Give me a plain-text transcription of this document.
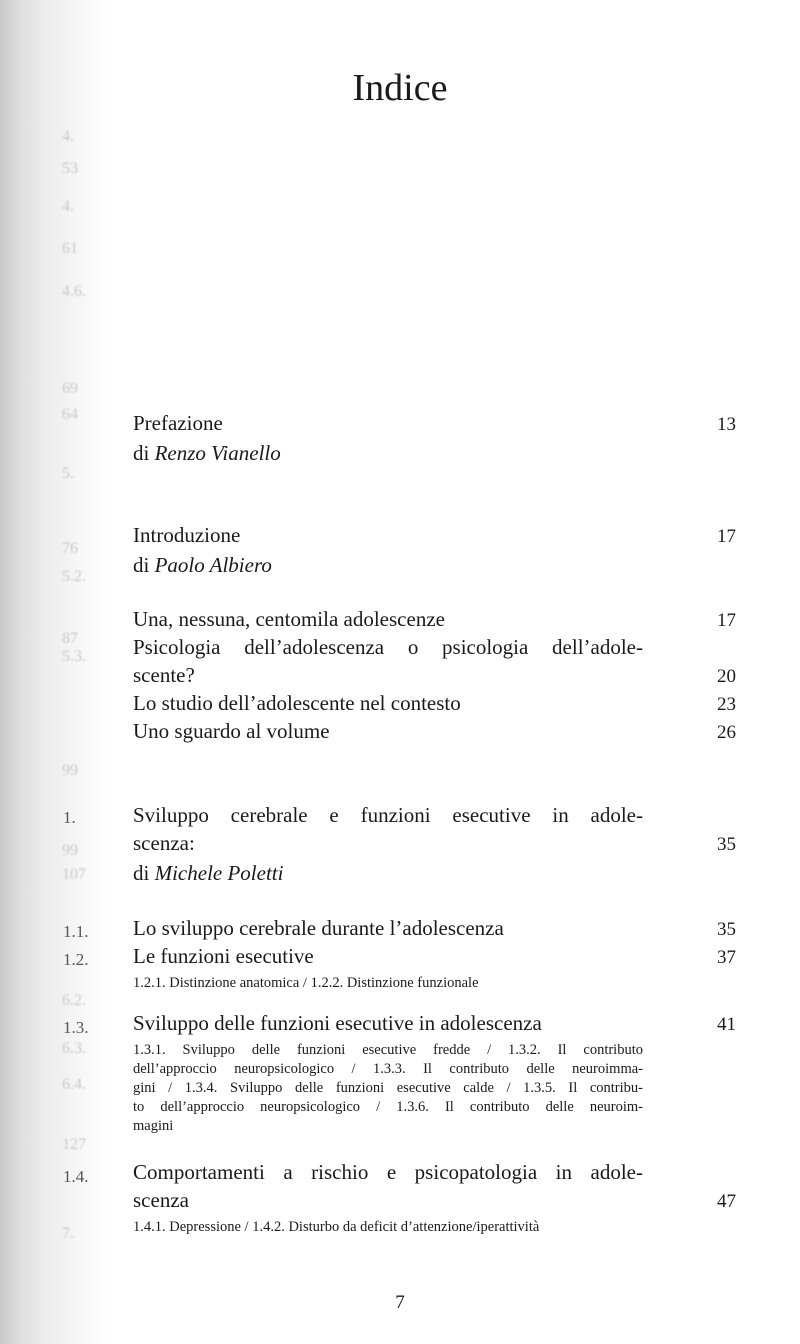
4.
53
4.
61
4.6.
69
64
5.
76
5.2.
87
5.3.
99
99
107
6.2.
6.3.
6.4.
127
7.
Indice
Prefazione	13
di Renzo Vianello
Introduzione	17
di Paolo Albiero
Una, nessuna, centomila adolescenze	17
Psicologia dell’adolescenza o psicologia dell’adole-
scente?	20
Lo studio dell’adolescente nel contesto	23
Uno sguardo al volume	26
1.	Sviluppo cerebrale e funzioni esecutive in adole-
scenza:	35
di Michele Poletti
1.1. Lo sviluppo cerebrale durante l’adolescenza	35
1.2. Le funzioni esecutive	37
1.2.1. Distinzione anatomica / 1.2.2. Distinzione funzionale
1.3. Sviluppo delle funzioni esecutive in adolescenza	41
1.3.1. Sviluppo delle funzioni esecutive fredde / 1.3.2. Il contributo
dell’approccio neuropsicologico / 1.3.3. Il contributo delle neuroimma-
gini / 1.3.4. Sviluppo delle funzioni esecutive calde / 1.3.5. Il contribu-
to dell’approccio neuropsicologico / 1.3.6. Il contributo delle neuroim-
magini
1.4. Comportamenti a rischio e psicopatologia in adole-
scenza	47
1.4.1. Depressione / 1.4.2. Disturbo da deficit d’attenzione/iperattività
7
